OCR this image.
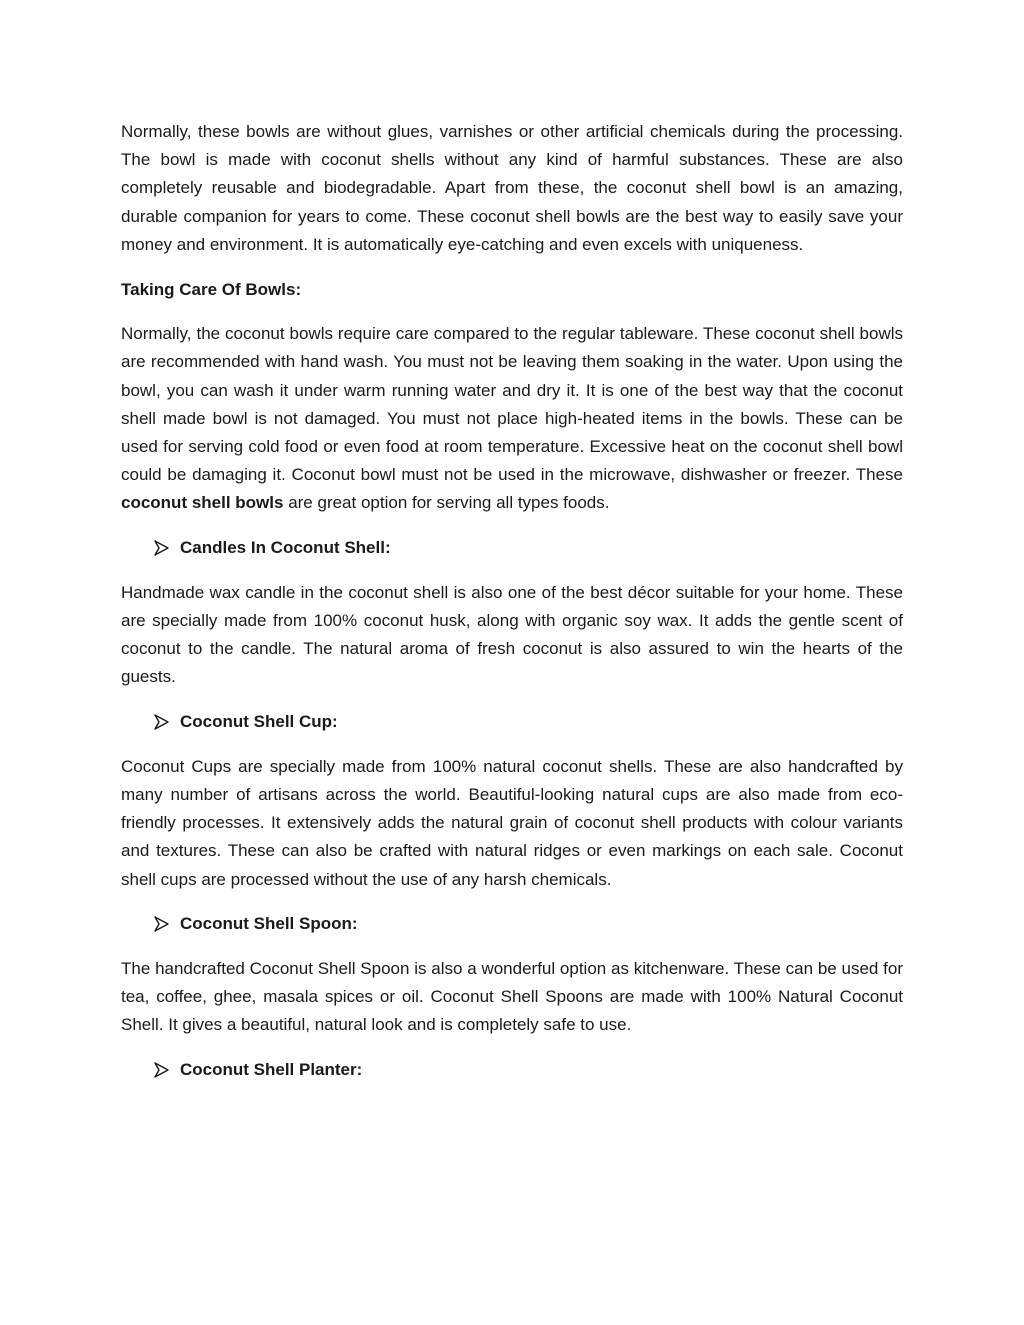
Normally, these bowls are without glues, varnishes or other artificial chemicals during the processing. The bowl is made with coconut shells without any kind of harmful substances. These are also completely reusable and biodegradable. Apart from these, the coconut shell bowl is an amazing, durable companion for years to come. These coconut shell bowls are the best way to easily save your money and environment. It is automatically eye-catching and even excels with uniqueness.

Taking Care Of Bowls:

Normally, the coconut bowls require care compared to the regular tableware. These coconut shell bowls are recommended with hand wash. You must not be leaving them soaking in the water. Upon using the bowl, you can wash it under warm running water and dry it. It is one of the best way that the coconut shell made bowl is not damaged. You must not place high-heated items in the bowls. These can be used for serving cold food or even food at room temperature. Excessive heat on the coconut shell bowl could be damaging it. Coconut bowl must not be used in the microwave, dishwasher or freezer. These coconut shell bowls are great option for serving all types foods.

Candles In Coconut Shell:

Handmade wax candle in the coconut shell is also one of the best décor suitable for your home. These are specially made from 100% coconut husk, along with organic soy wax. It adds the gentle scent of coconut to the candle. The natural aroma of fresh coconut is also assured to win the hearts of the guests.

Coconut Shell Cup:

Coconut Cups are specially made from 100% natural coconut shells. These are also handcrafted by many number of artisans across the world. Beautiful-looking natural cups are also made from eco-friendly processes. It extensively adds the natural grain of coconut shell products with colour variants and textures. These can also be crafted with natural ridges or even markings on each sale. Coconut shell cups are processed without the use of any harsh chemicals.

Coconut Shell Spoon:

The handcrafted Coconut Shell Spoon is also a wonderful option as kitchenware. These can be used for tea, coffee, ghee, masala spices or oil. Coconut Shell Spoons are made with 100% Natural Coconut Shell. It gives a beautiful, natural look and is completely safe to use.

Coconut Shell Planter:
